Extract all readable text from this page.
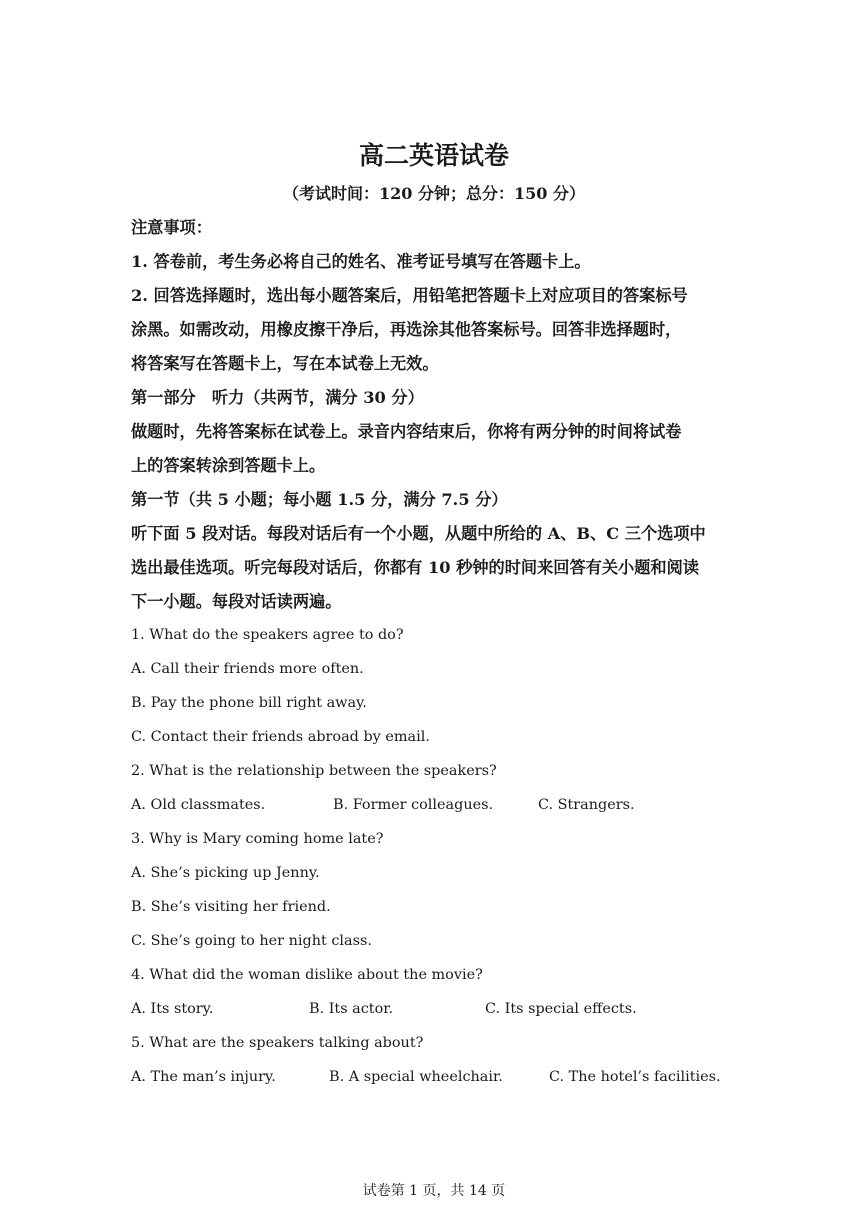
高二英语试卷
（考试时间：120 分钟；总分：150 分）
注意事项：
1. 答卷前，考生务必将自己的姓名、准考证号填写在答题卡上。
2. 回答选择题时，选出每小题答案后，用铅笔把答题卡上对应项目的答案标号
涂黑。如需改动，用橡皮擦干净后，再选涂其他答案标号。回答非选择题时，
将答案写在答题卡上，写在本试卷上无效。
第一部分　听力（共两节，满分 30 分）
做题时，先将答案标在试卷上。录音内容结束后，你将有两分钟的时间将试卷
上的答案转涂到答题卡上。
第一节（共 5 小题；每小题 1.5 分，满分 7.5 分）
听下面 5 段对话。每段对话后有一个小题，从题中所给的 A、B、C 三个选项中
选出最佳选项。听完每段对话后，你都有 10 秒钟的时间来回答有关小题和阅读
下一小题。每段对话读两遍。
1. What do the speakers agree to do?
A. Call their friends more often.
B. Pay the phone bill right away.
C. Contact their friends abroad by email.
2. What is the relationship between the speakers?
A. Old classmates.	B. Former colleagues.	C. Strangers.
3. Why is Mary coming home late?
A. She’s picking up Jenny.
B. She’s visiting her friend.
C. She’s going to her night class.
4. What did the woman dislike about the movie?
A. Its story.	B. Its actor.	C. Its special effects.
5. What are the speakers talking about?
A. The man’s injury.	B. A special wheelchair.	C. The hotel’s facilities.
试卷第 1 页，共 14 页
